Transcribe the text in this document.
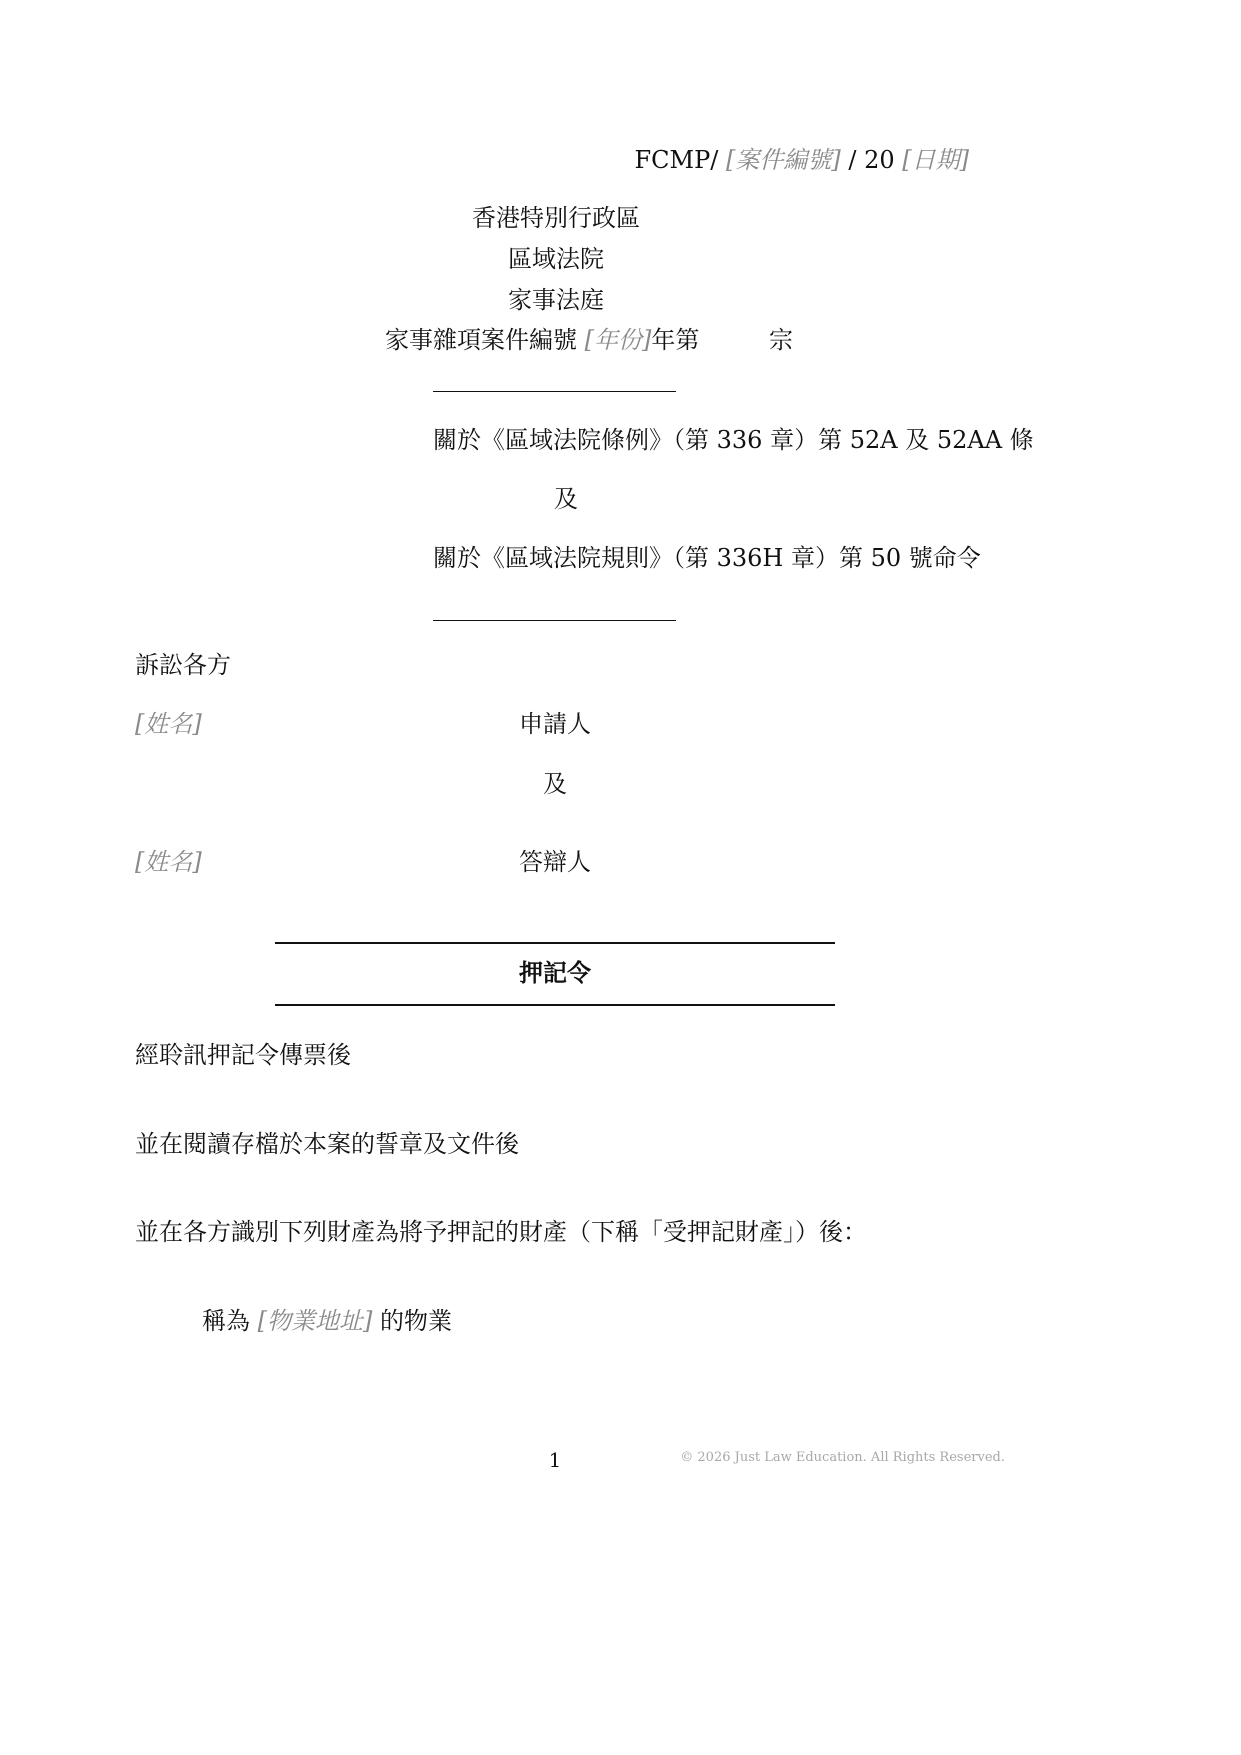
FCMP/ [案件編號] / 20 [日期]
香港特別行政區
區域法院
家事法庭
家事雜項案件編號 [年份]年第	宗
關於《區域法院條例》（第 336 章）第 52A 及 52AA 條
及
關於《區域法院規則》（第 336H 章）第 50 號命令
訴訟各方
[姓名]	申請人
及
[姓名]	答辯人
押記令
經聆訊押記令傳票後
並在閱讀存檔於本案的誓章及文件後
並在各方識別下列財產為將予押記的財產（下稱「受押記財產」）後：
稱為 [物業地址] 的物業
1	© 2026 Just Law Education. All Rights Reserved.
